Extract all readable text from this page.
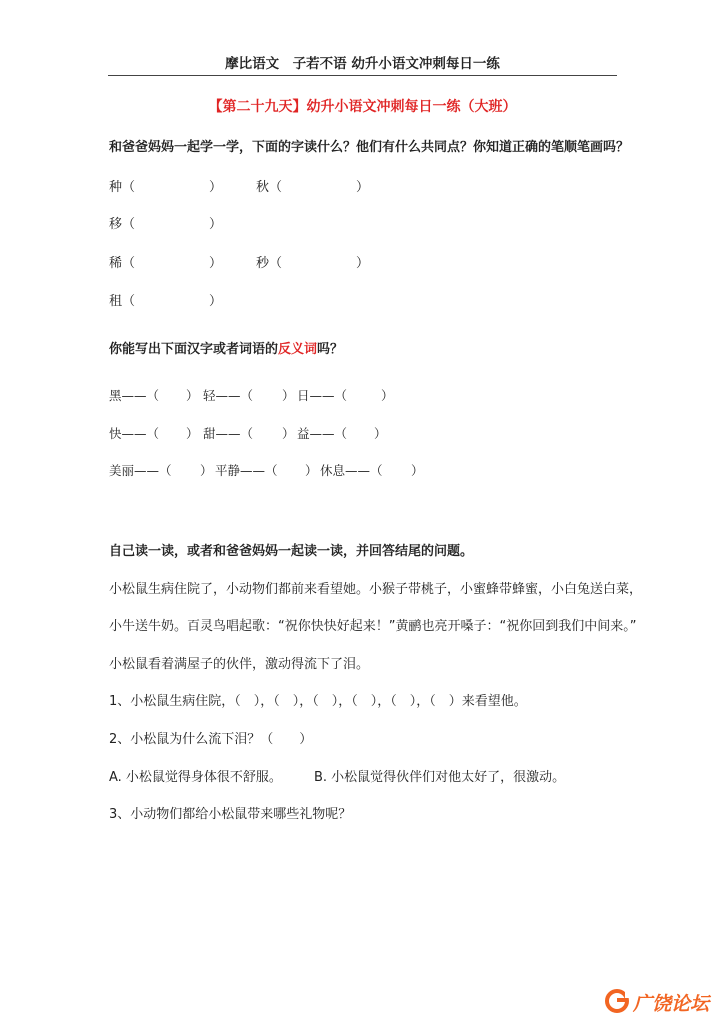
摩比语文　子若不语 幼升小语文冲刺每日一练
【第二十九天】幼升小语文冲刺每日一练（大班）
和爸爸妈妈一起学一学，下面的字读什么？他们有什么共同点？你知道正确的笔顺笔画吗？
种（	）	秋（	）
移（	）
稀（	）	秒（	）
租（	）
你能写出下面汉字或者词语的反义词吗？
黑——（ ） 轻——（ ） 日——（	）
快——（ ） 甜——（ ） 益——（ ）
美丽——（ ） 平静——（ ） 休息——（ ）
自己读一读，或者和爸爸妈妈一起读一读，并回答结尾的问题。
小松鼠生病住院了，小动物们都前来看望她。小猴子带桃子，小蜜蜂带蜂蜜，小白兔送白菜，
小牛送牛奶。百灵鸟唱起歌：“祝你快快好起来！”黄鹂也亮开嗓子：“祝你回到我们中间来。”
小松鼠看着满屋子的伙伴，激动得流下了泪。
1、小松鼠生病住院，（　），（　），（　），（　），（　），（　）来看望他。
2、小松鼠为什么流下泪？（　　）
A. 小松鼠觉得身体很不舒服。 B. 小松鼠觉得伙伴们对他太好了，很激动。
3、小动物们都给小松鼠带来哪些礼物呢？
广饶论坛
